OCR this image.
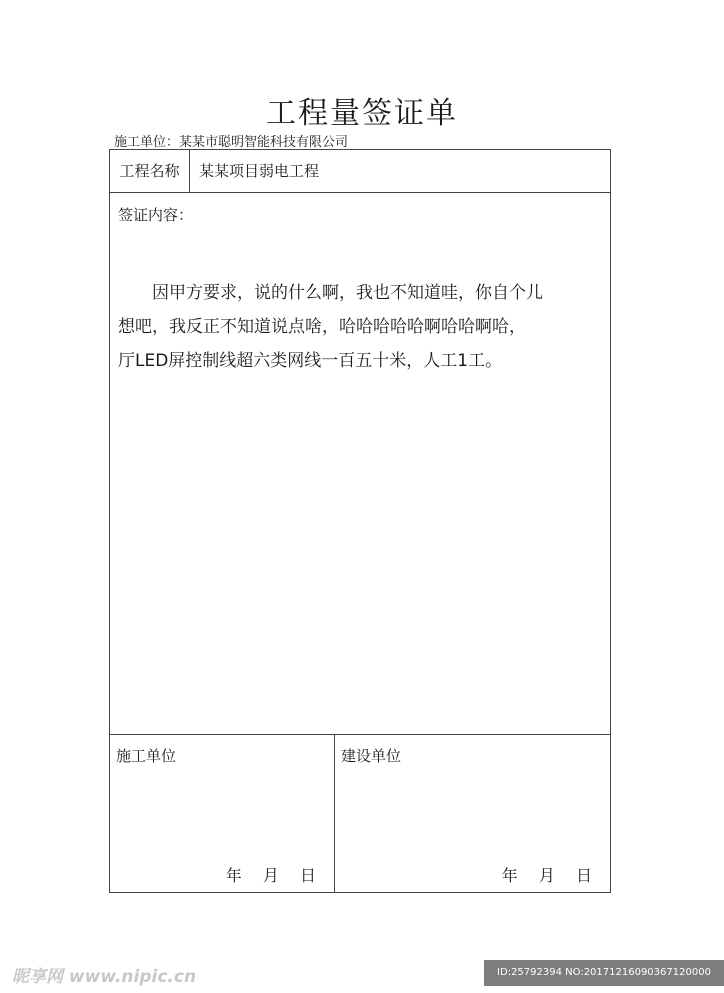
工程量签证单
施工单位：某某市聪明智能科技有限公司
工程名称	某某项目弱电工程
签证内容：
　　因甲方要求，说的什么啊，我也不知道哇，你自个儿
想吧，我反正不知道说点啥，哈哈哈哈哈啊哈哈啊哈，
厅LED屏控制线超六类网线一百五十米，人工1工。
施工单位
年 月 日
建设单位
年 月 日
昵享网 www.nipic.cn	ID:25792394 NO:20171216090367120000
